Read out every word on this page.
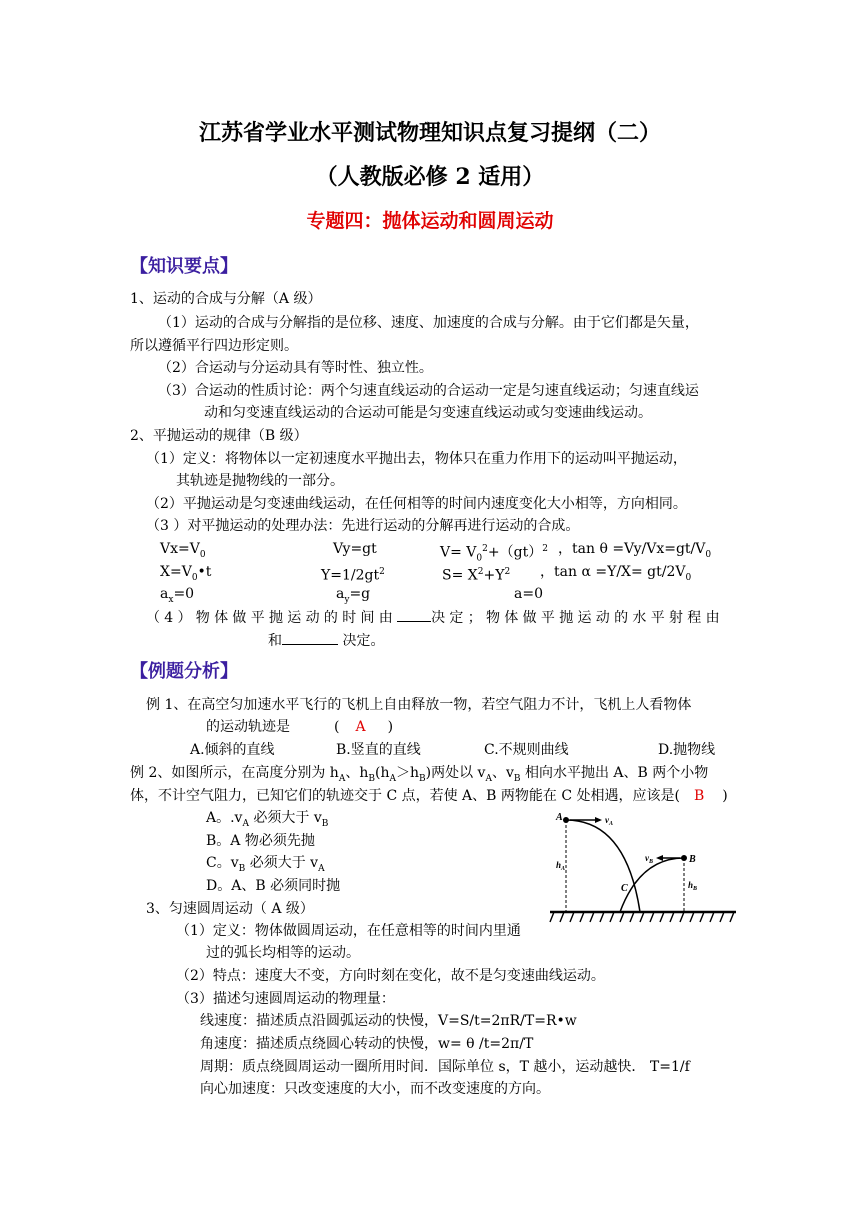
江苏省学业水平测试物理知识点复习提纲（二）
（人教版必修 2 适用）
专题四：抛体运动和圆周运动
【知识要点】
1、运动的合成与分解（A 级）
（1）运动的合成与分解指的是位移、速度、加速度的合成与分解。由于它们都是矢量，
所以遵循平行四边形定则。
（2）合运动与分运动具有等时性、独立性。
（3）合运动的性质讨论：两个匀速直线运动的合运动一定是匀速直线运动；匀速直线运
动和匀变速直线运动的合运动可能是匀变速直线运动或匀变速曲线运动。
2、平抛运动的规律（B 级）
（1）定义：将物体以一定初速度水平抛出去，物体只在重力作用下的运动叫平抛运动，
其轨迹是抛物线的一部分。
（2）平抛运动是匀变速曲线运动，在任何相等的时间内速度变化大小相等，方向相同。
（3 ）对平抛运动的处理办法：先进行运动的分解再进行运动的合成。
$Vx=V_0$	Vy=gt	$V= V_0^2+(gt)^2$ ，$\tan \theta =Vy/Vx=gt/V_0$
$X=V_0•t$	$Y=1/2gt^2$	$S= X^2+Y^2$ ，$\tan \alpha =Y/X= gt/2V_0$
$a_x=0$	$a_y=g$	a=0
（4）物体做平抛运动的时间由 决定；物体做平抛运动的水平射程由
和	决定。
【例题分析】
例 1、在高空匀加速水平飞行的飞机上自由释放一物，若空气阻力不计，飞机上人看物体
的运动轨迹是	( A )
A.倾斜的直线	B.竖直的直线	C.不规则曲线	D.抛物线
例 2、如图所示，在高度分别为 $h_A$、$h_B(h_A>h_B)$两处以 $v_A$、$v_B$ 相向水平抛出 A、B 两个小物
体，不计空气阻力，已知它们的轨迹交于 C 点，若使 A、B 两物能在 C 处相遇，应该是( B )
A。$.v_A$ 必须大于 $v_B$
B。A 物必须先抛
C。$v_B$ 必须大于 $v_A$
D。A、B 必须同时抛
A
B
C
$v_A$
$v_B$
$h_A$
$h_B$
3、匀速圆周运动（ A 级）
（1）定义：物体做圆周运动，在任意相等的时间内里通
过的弧长均相等的运动。
（2）特点：速度大不变，方向时刻在变化，故不是匀变速曲线运动。
（3）描述匀速圆周运动的物理量：
线速度：描述质点沿圆弧运动的快慢，V=S/t=2πR/T=R•w
角速度：描述质点绕圆心转动的快慢，w= θ /t=2π/T
周期：质点绕圆周运动一圈所用时间．国际单位 s，T 越小，运动越快． T=1/f
向心加速度：只改变速度的大小，而不改变速度的方向。
